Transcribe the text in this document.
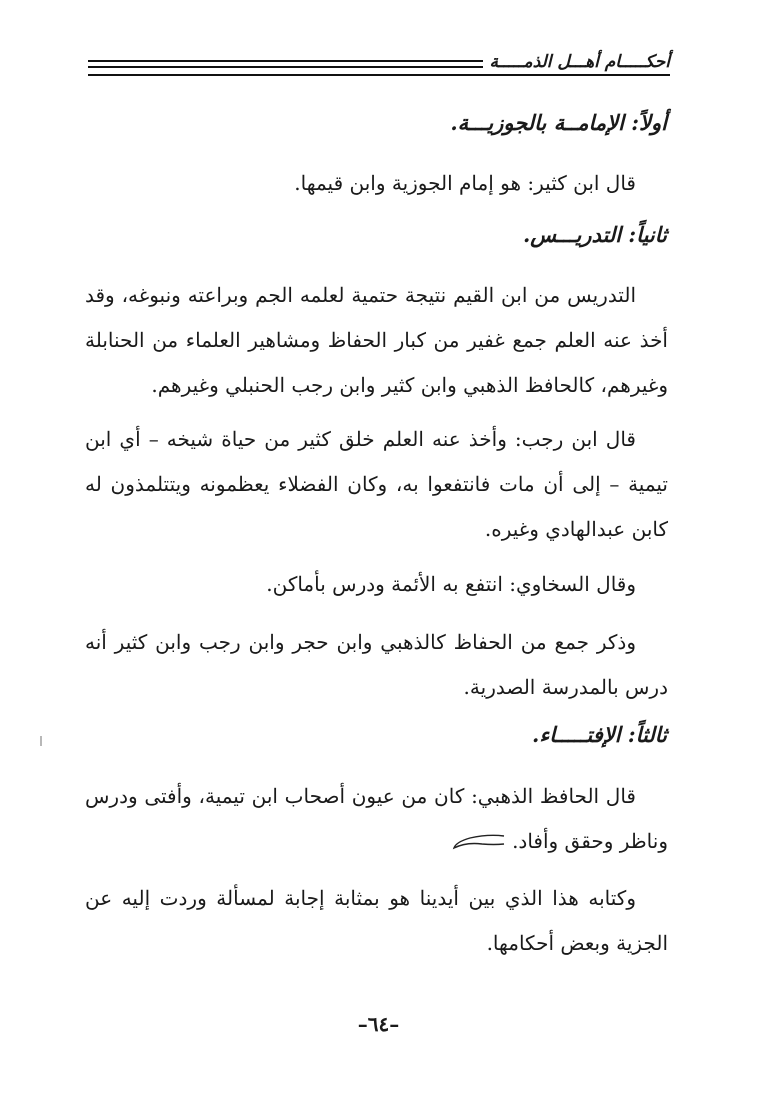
أحكـــــام أهـــل الذمـــــة
أولاً: الإمامــة بالجوزيـــة.

قال ابن كثير: هو إمام الجوزية وابن قيمها.

ثانياً: التدريـــس.

التدريس من ابن القيم نتيجة حتمية لعلمه الجم وبراعته ونبوغه، وقد أخذ عنه العلم جمع غفير من كبار الحفاظ ومشاهير العلماء من الحنابلة وغيرهم، كالحافظ الذهبي وابن كثير وابن رجب الحنبلي وغيرهم.

قال ابن رجب: وأخذ عنه العلم خلق كثير من حياة شيخه – أي ابن تيمية – إلى أن مات فانتفعوا به، وكان الفضلاء يعظمونه ويتتلمذون له كابن عبدالهادي وغيره.

وقال السخاوي: انتفع به الأئمة ودرس بأماكن.

وذكر جمع من الحفاظ كالذهبي وابن حجر وابن رجب وابن كثير أنه درس بالمدرسة الصدرية.

ثالثاً: الإفتـــــاء.

قال الحافظ الذهبي: كان من عيون أصحاب ابن تيمية، وأفتى ودرس وناظر وحقق وأفاد.

وكتابه هذا الذي بين أيدينا هو بمثابة إجابة لمسألة وردت إليه عن الجزية وبعض أحكامها.

–٦٤–
